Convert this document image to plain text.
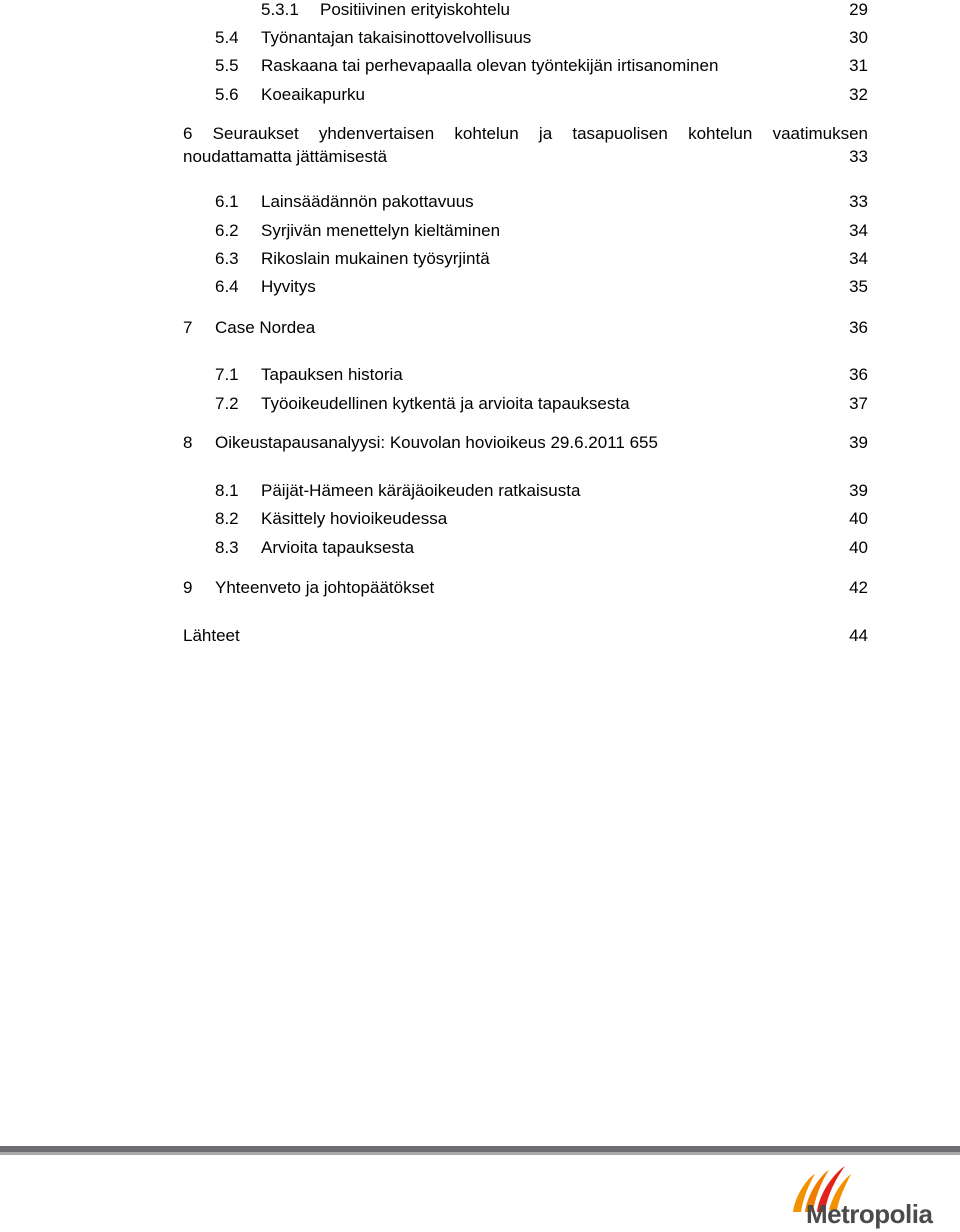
5.3.1 Positiivinen erityiskohtelu	29
5.4 Työnantajan takaisinottovelvollisuus	30
5.5 Raskaana tai perhevapaalla olevan työntekijän irtisanominen	31
5.6 Koeaikapurku	32
6 Seuraukset yhdenvertaisen kohtelun ja tasapuolisen kohtelun vaatimuksen
noudattamatta jättämisestä	33
6.1 Lainsäädännön pakottavuus	33
6.2 Syrjivän menettelyn kieltäminen	34
6.3 Rikoslain mukainen työsyrjintä	34
6.4 Hyvitys	35
7 Case Nordea	36
7.1 Tapauksen historia	36
7.2 Työoikeudellinen kytkentä ja arvioita tapauksesta	37
8 Oikeustapausanalyysi: Kouvolan hovioikeus 29.6.2011 655	39
8.1 Päijät-Hämeen käräjäoikeuden ratkaisusta	39
8.2 Käsittely hovioikeudessa	40
8.3 Arvioita tapauksesta	40
9 Yhteenveto ja johtopäätökset	42
Lähteet	44
Metropolia
